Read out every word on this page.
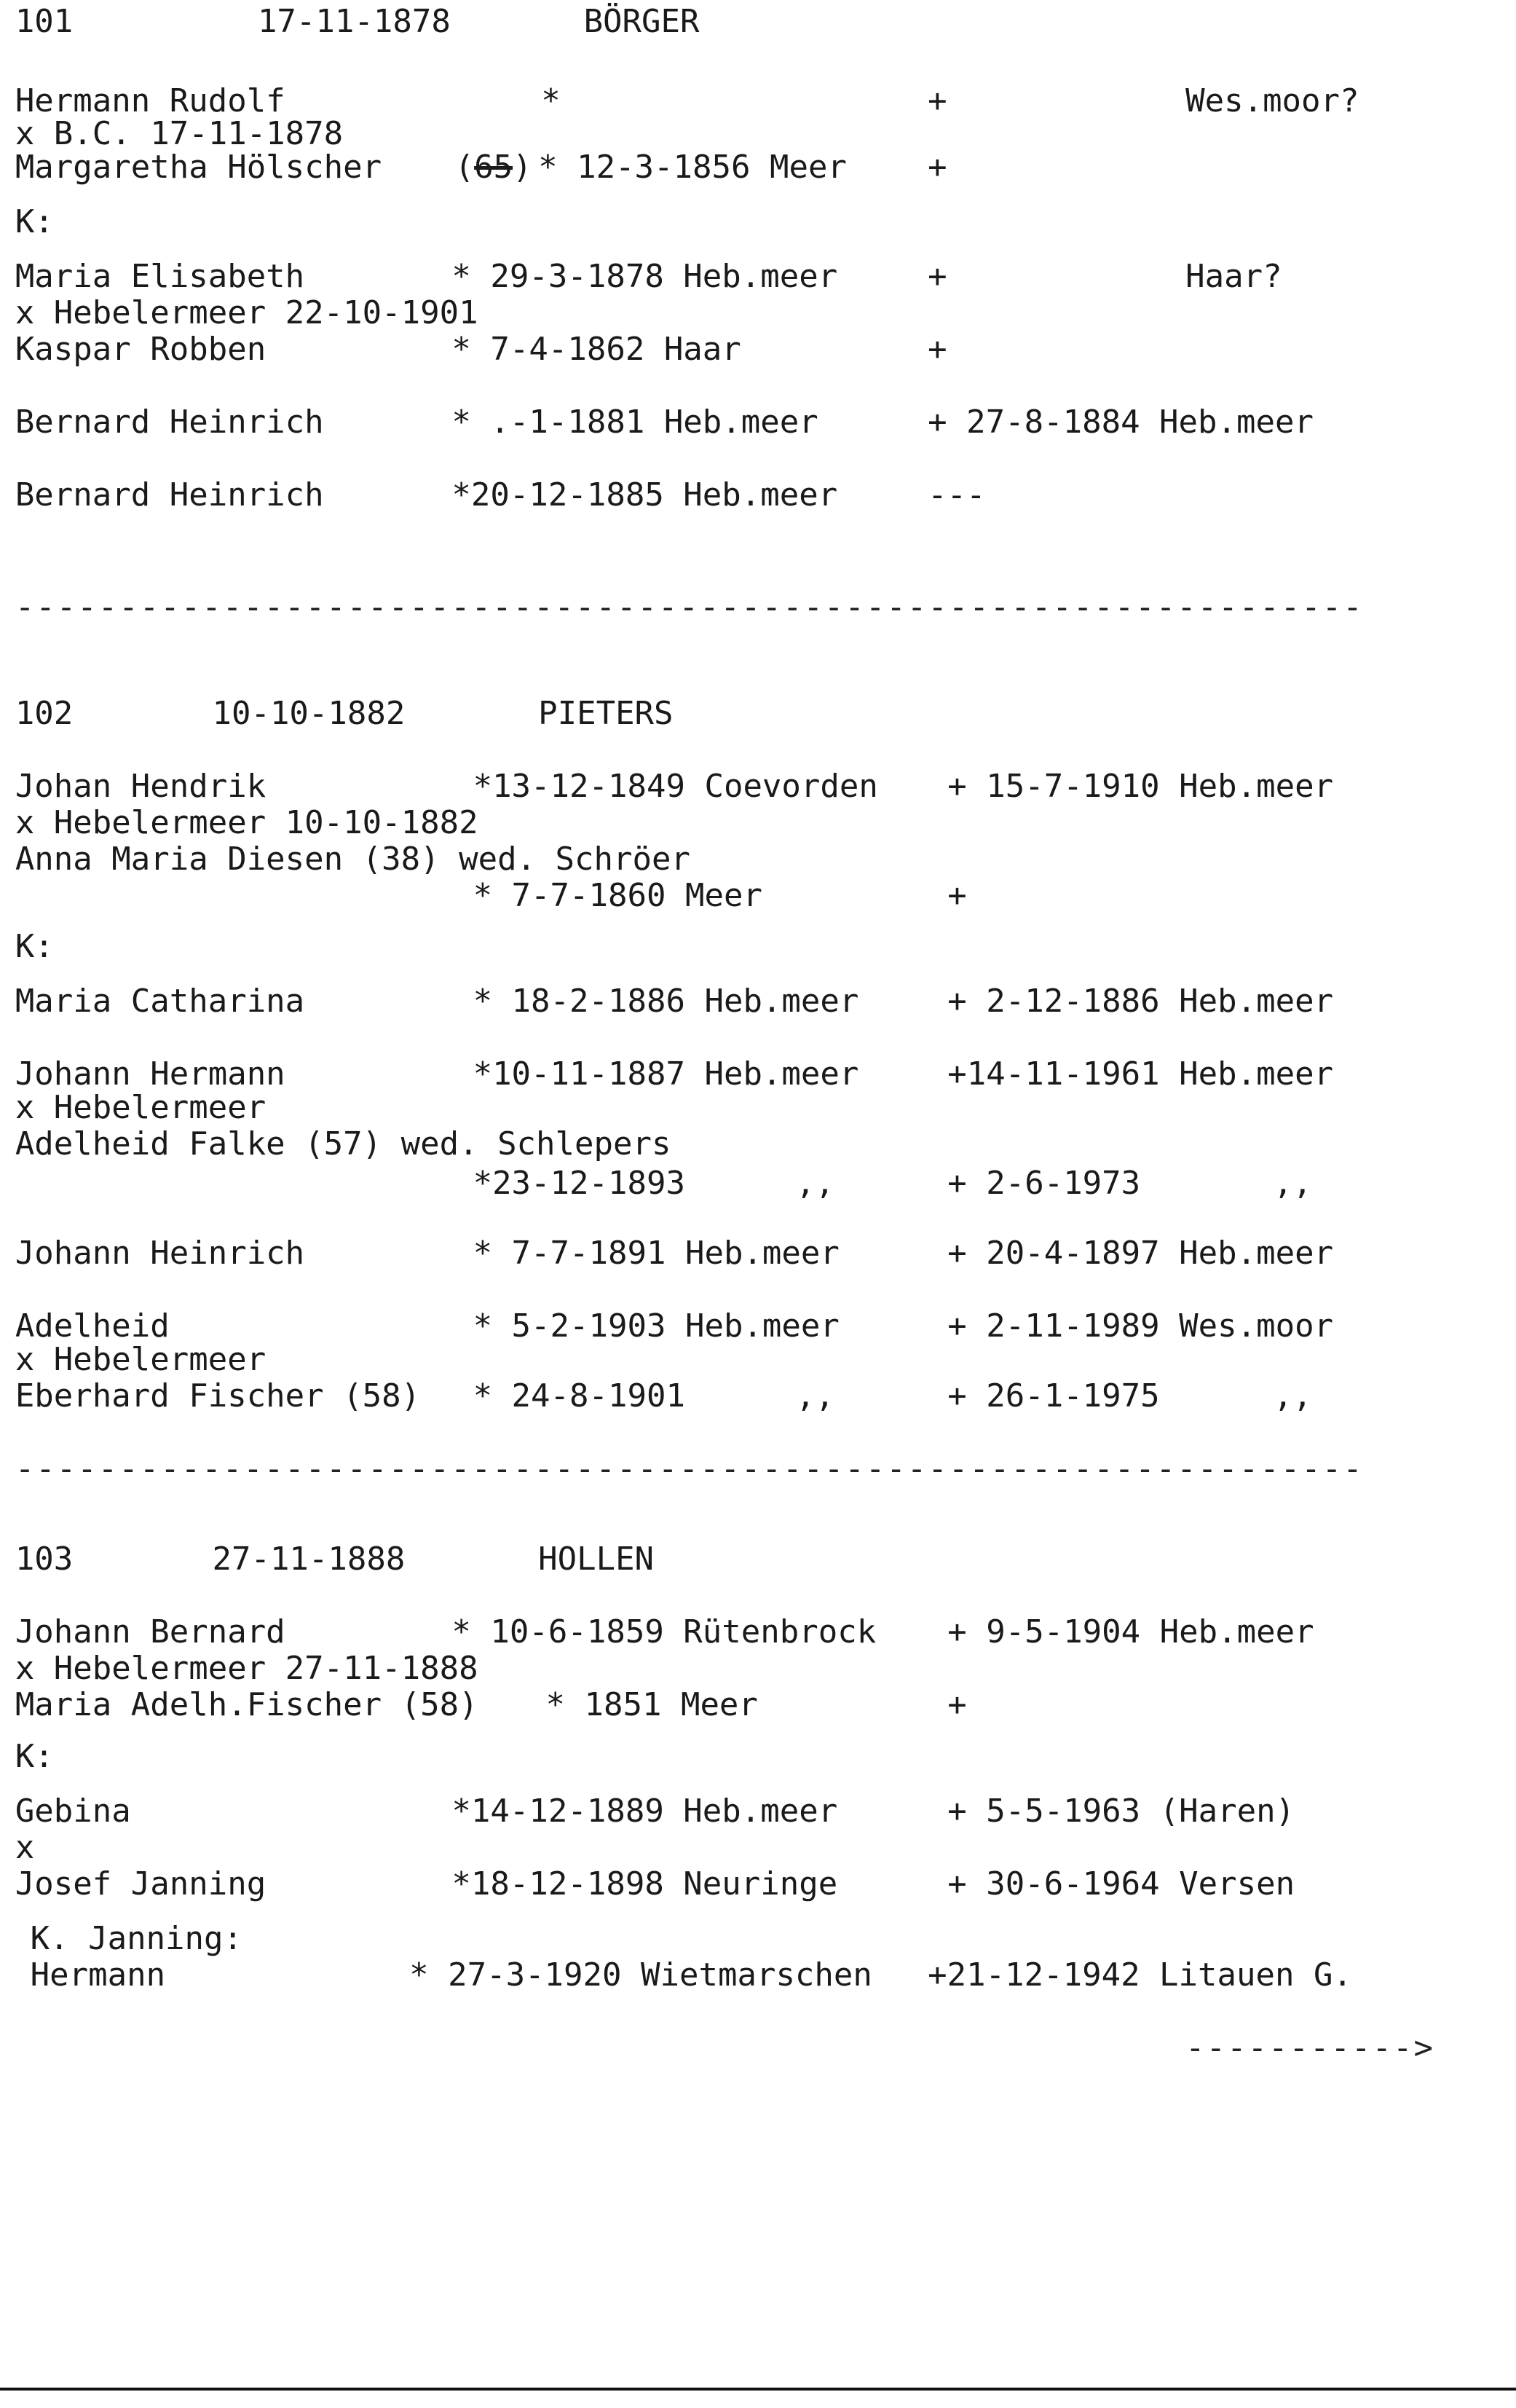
101	17-11-1878	BÖRGER
Hermann Rudolf	*	+	Wes.moor?
x B.C. 17-11-1878
Margaretha Hölscher (65) * 12-3-1856 Meer	+
K:
Maria Elisabeth	* 29-3-1878 Heb.meer	+	Haar?
x Hebelermeer 22-10-1901
Kaspar Robben	* 7-4-1862 Haar	+
Bernard Heinrich	* .-1-1881 Heb.meer	+ 27-8-1884 Heb.meer
Bernard Heinrich	*20-12-1885 Heb.meer	---
-----------------------------------------------------------------
102	10-10-1882	PIETERS
Johan Hendrik	*13-12-1849 Coevorden + 15-7-1910 Heb.meer
x Hebelermeer 10-10-1882
Anna Maria Diesen (38) wed. Schröer
* 7-7-1860 Meer	+
K:
Maria Catharina	* 18-2-1886 Heb.meer	+ 2-12-1886 Heb.meer
Johann Hermann	*10-11-1887 Heb.meer	+14-11-1961 Heb.meer
x Hebelermeer
Adelheid Falke (57) wed. Schlepers
*23-12-1893	,,	+ 2-6-1973	,,
Johann Heinrich	* 7-7-1891 Heb.meer	+ 20-4-1897 Heb.meer
Adelheid	* 5-2-1903 Heb.meer	+ 2-11-1989 Wes.moor
x Hebelermeer
Eberhard Fischer (58) * 24-8-1901	,,	+ 26-1-1975	,,
-----------------------------------------------------------------
103	27-11-1888	HOLLEN
Johann Bernard	* 10-6-1859 Rütenbrock + 9-5-1904 Heb.meer
x Hebelermeer 27-11-1888
Maria Adelh.Fischer (58) * 1851 Meer	+
K:
Gebina	*14-12-1889 Heb.meer	+ 5-5-1963 (Haren)
x
Josef Janning	*18-12-1898 Neuringe	+ 30-6-1964 Versen
K. Janning:
Hermann	* 27-3-1920 Wietmarschen +21-12-1942 Litauen G.
----------->
